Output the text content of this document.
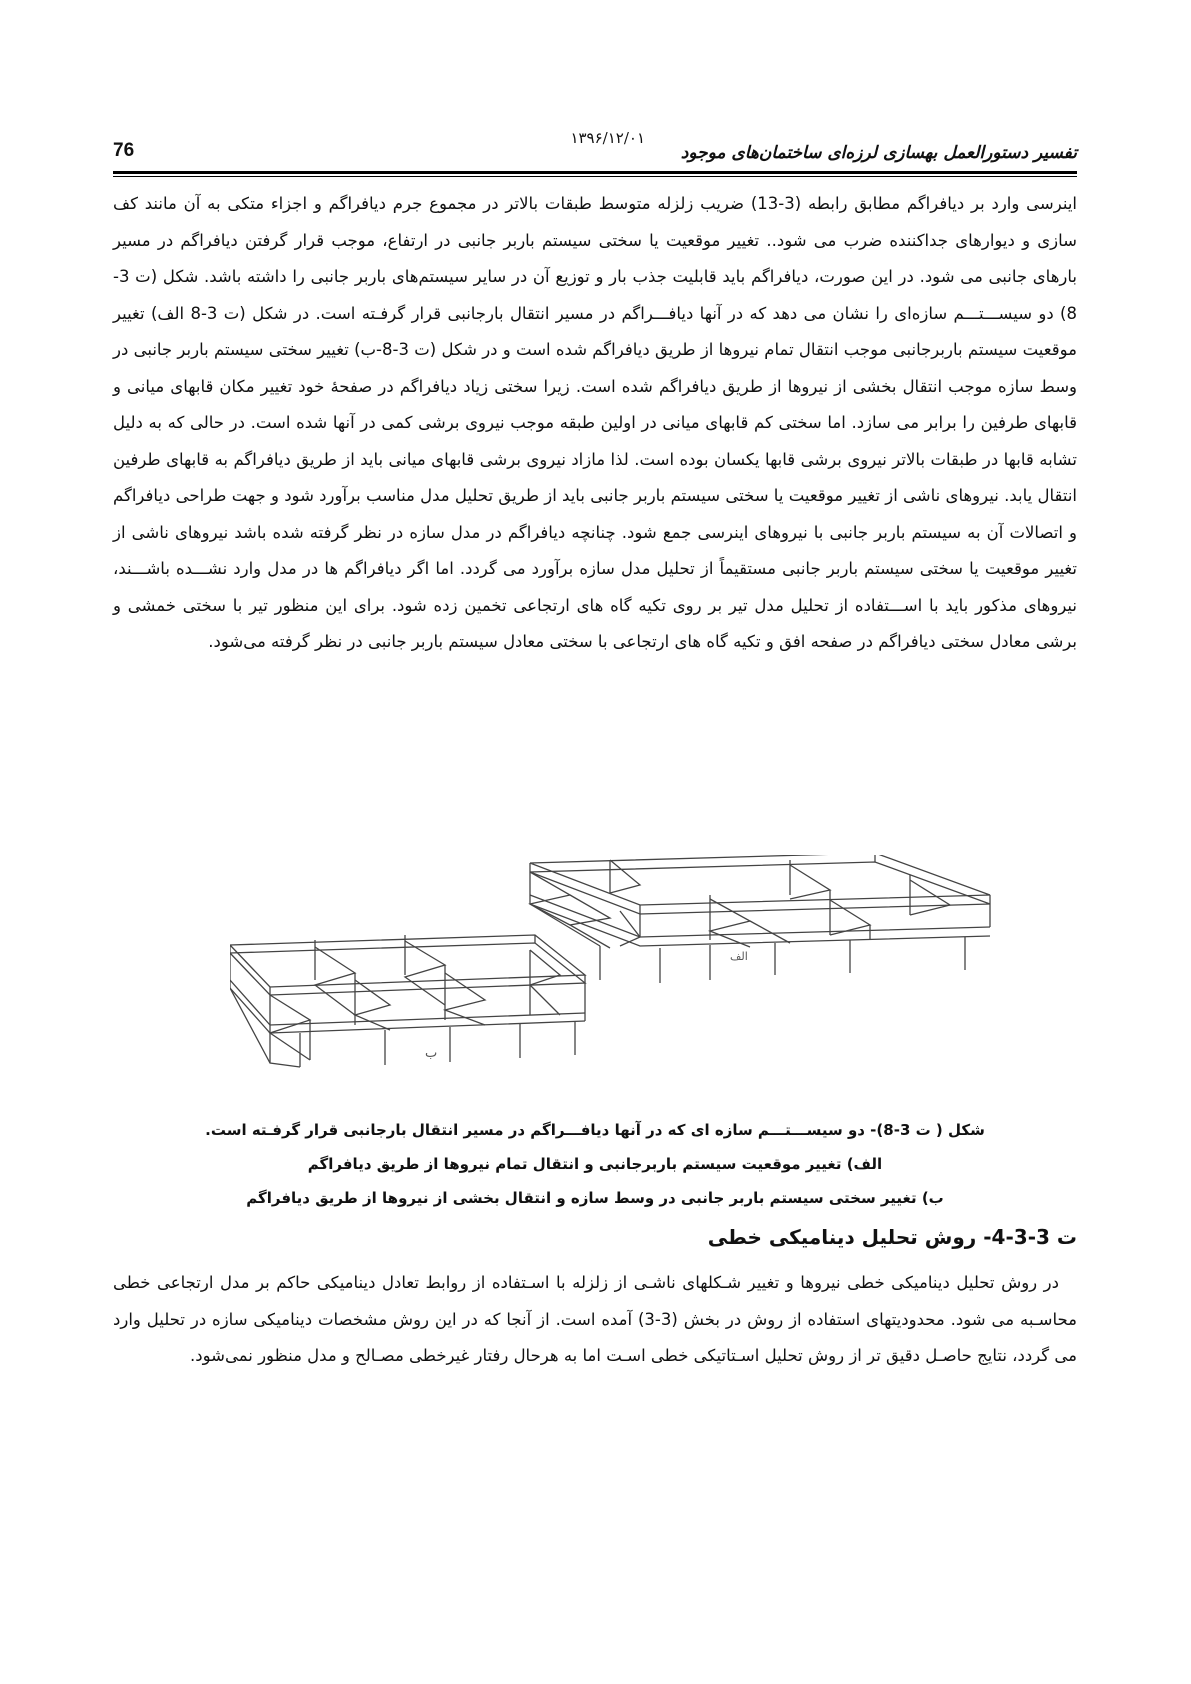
تفسیر دستورالعمل بهسازی لرزه‌ای ساختمان‌های موجود
۱۳۹۶/۱۲/۰۱
76
اینرسی وارد بر دیافراگم مطابق رابطه (3-13) ضریب زلزله متوسط طبقات بالاتر در مجموع جرم دیافراگم و اجزاء متکی به آن مانند کف سازی و دیوارهای جداکننده ضرب می شود.. تغییر موقعیت یا سختی سیستم باربر جانبی در ارتفاع، موجب قرار گرفتن دیافراگم در مسیر بارهای جانبی می شود. در این صورت، دیافراگم باید قابلیت جذب بار و توزیع آن در سایر سیستم‌های باربر جانبی را داشته باشد. شکل (ت 3-8) دو سیســـتـــم سازه‌ای را نشان می دهد که در آنها دیافـــراگم در مسیر انتقال بارجانبی قرار گرفـته است. در شکل (ت 3-8 الف) تغییر موقعیت سیستم باربرجانبی موجب انتقال تمام نیروها از طریق دیافراگم شده است و در شکل (ت 3-8-ب) تغییر سختی سیستم باربر جانبی در وسط سازه موجب انتقال بخشی از نیروها از طریق دیافراگم شده است. زیرا سختی زیاد دیافراگم در صفحهٔ خود تغییر مکان قابهای میانی و قابهای طرفین را برابر می سازد. اما سختی کم قابهای میانی در اولین طبقه موجب نیروی برشی کمی در آنها شده است. در حالی که به دلیل تشابه قابها در طبقات بالاتر نیروی برشی قابها یکسان بوده است. لذا مازاد نیروی برشی قابهای میانی باید از طریق دیافراگم به قابهای طرفین انتقال یابد. نیروهای ناشی از تغییر موقعیت یا سختی سیستم باربر جانبی باید از طریق تحلیل مدل مناسب برآورد شود و جهت طراحی دیافراگم و اتصالات آن به سیستم باربر جانبی با نیروهای اینرسی جمع شود. چنانچه دیافراگم در مدل سازه در نظر گرفته شده باشد نیروهای ناشی از تغییر موقعیت یا سختی سیستم باربر جانبی مستقیماً از تحلیل مدل سازه برآورد می گردد. اما اگر دیافراگم ها در مدل وارد نشـــده باشـــند، نیروهای مذکور باید با اســـتفاده از تحلیل مدل تیر بر روی تکیه گاه های ارتجاعی تخمین زده شود. برای این منظور تیر با سختی خمشی و برشی معادل سختی دیافراگم در صفحه افق و تکیه گاه های ارتجاعی با سختی معادل سیستم باربر جانبی در نظر گرفته می‌شود.
الف
ب
شکل ( ت 3-8)- دو سیســـتـــم سازه ای که در آنها دیافـــراگم در مسیر انتقال بارجانبی قرار گرفـته است.
الف) تغییر موقعیت سیستم باربرجانبی و انتقال تمام نیروها از طریق دیافراگم
ب) تغییر سختی سیستم باربر جانبی در وسط سازه و انتقال بخشی از نیروها از طریق دیافراگم
ت 3-3-4- روش تحلیل دینامیکی خطی
در روش تحلیل دینامیکی خطی نیروها و تغییر شـکلهای ناشـی از زلزله با اسـتفاده از روابط تعادل دینامیکی حاکم بر مدل ارتجاعی خطی محاسـبه می شود. محدودیتهای استفاده از روش در بخش (3-3) آمده است. از آنجا که در این روش مشخصات دینامیکی سازه در تحلیل وارد می گردد، نتایج حاصـل دقیق تر از روش تحلیل اسـتاتیکی خطی اسـت اما به هرحال رفتار غیرخطی مصـالح و مدل منظور نمی‌شود.
